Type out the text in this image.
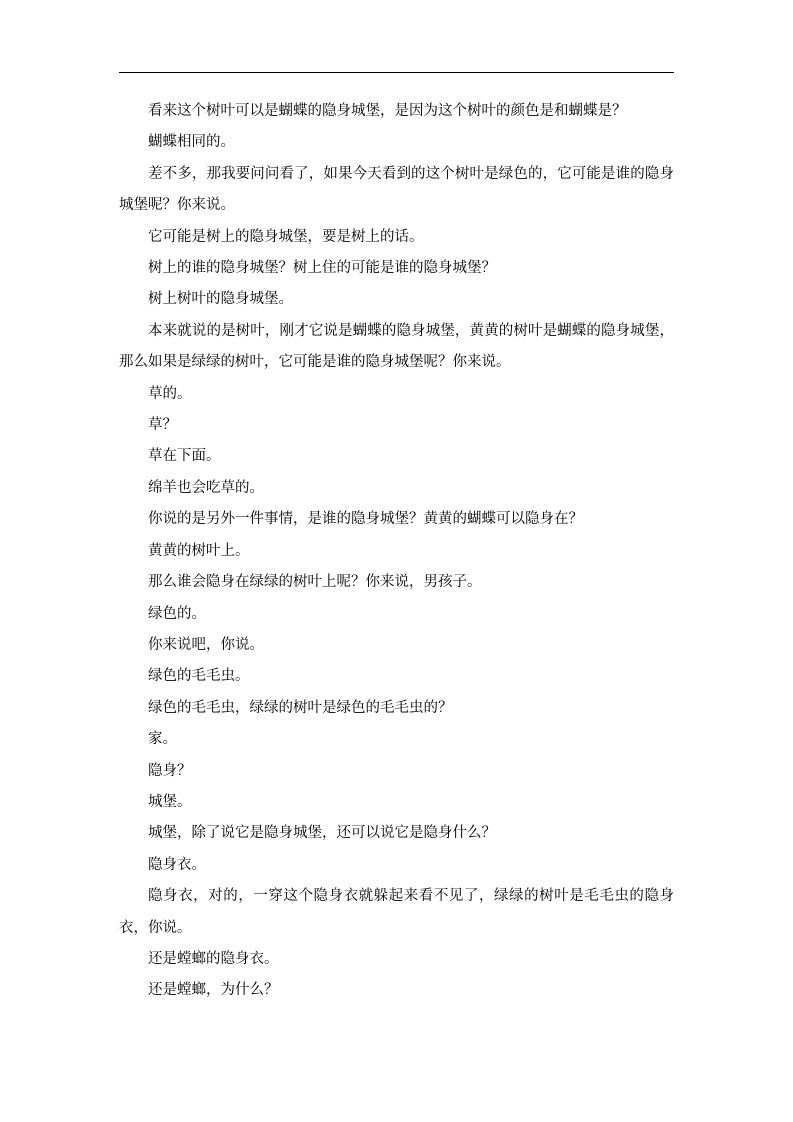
看来这个树叶可以是蝴蝶的隐身城堡，是因为这个树叶的颜色是和蝴蝶是？

蝴蝶相同的。

差不多，那我要问问看了，如果今天看到的这个树叶是绿色的，它可能是谁的隐身城堡呢？你来说。

它可能是树上的隐身城堡，要是树上的话。

树上的谁的隐身城堡？树上住的可能是谁的隐身城堡？

树上树叶的隐身城堡。

本来就说的是树叶，刚才它说是蝴蝶的隐身城堡，黄黄的树叶是蝴蝶的隐身城堡，那么如果是绿绿的树叶，它可能是谁的隐身城堡呢？你来说。

草的。

草？

草在下面。

绵羊也会吃草的。

你说的是另外一件事情，是谁的隐身城堡？黄黄的蝴蝶可以隐身在？

黄黄的树叶上。

那么谁会隐身在绿绿的树叶上呢？你来说，男孩子。

绿色的。

你来说吧，你说。

绿色的毛毛虫。

绿色的毛毛虫，绿绿的树叶是绿色的毛毛虫的？

家。

隐身？

城堡。

城堡，除了说它是隐身城堡，还可以说它是隐身什么？

隐身衣。

隐身衣，对的，一穿这个隐身衣就躲起来看不见了，绿绿的树叶是毛毛虫的隐身衣，你说。

还是螳螂的隐身衣。

还是螳螂，为什么？
